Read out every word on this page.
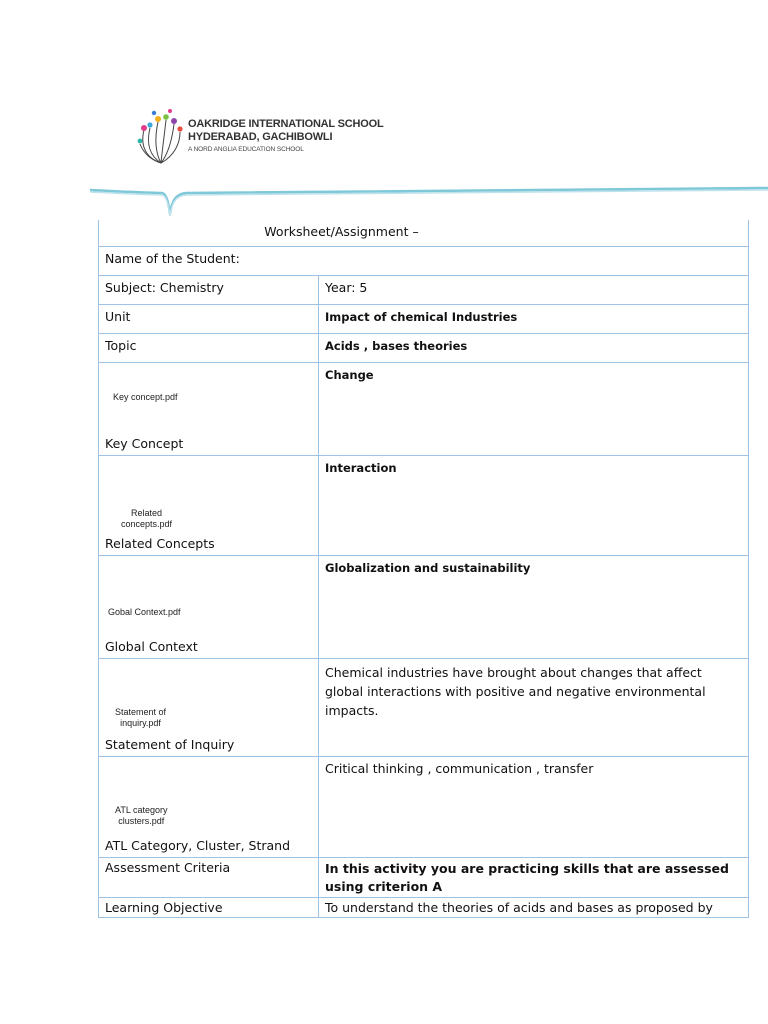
OAKRIDGE INTERNATIONAL SCHOOL
HYDERABAD, GACHIBOWLI
A NORD ANGLIA EDUCATION SCHOOL
Worksheet/Assignment –	
Name of the Student:	
Subject: Chemistry	Year: 5
Unit	Impact of chemical Industries
Topic	Acids , bases theories

Key concept.pdf
Key Concept	Change

Related
concepts.pdf
Related Concepts	Interaction

Gobal Context.pdf
Global Context	Globalization and sustainability

Statement of
inquiry.pdf
Statement of Inquiry	Chemical industries have brought about changes that affect global interactions with positive and negative environmental impacts.

ATL category
clusters.pdf
ATL Category, Cluster, Strand	Critical thinking , communication , transfer
Assessment Criteria	In this activity you are practicing skills that are assessed using criterion A
Learning Objective	To understand the theories of acids and bases as proposed by
